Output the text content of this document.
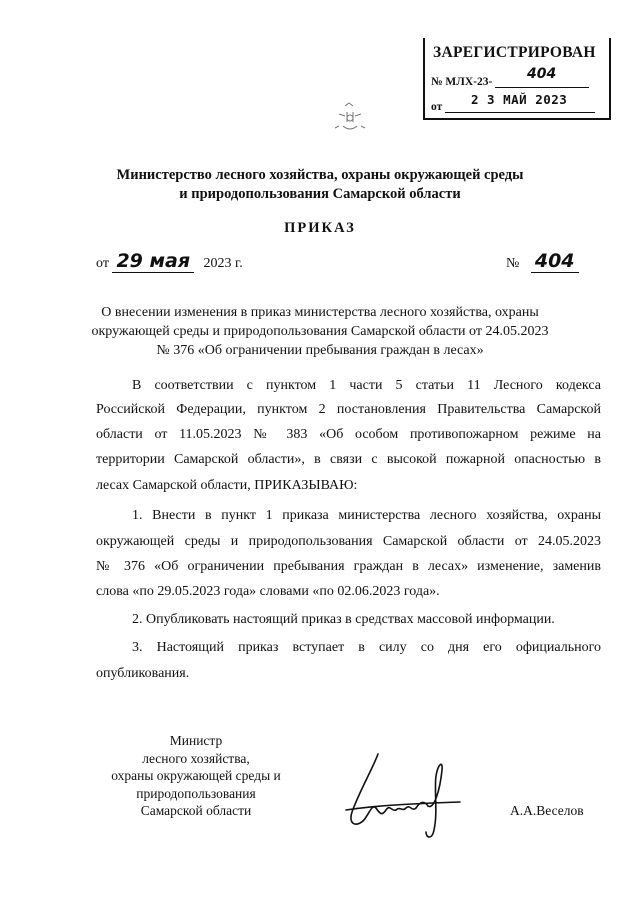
ЗАРЕГИСТРИРОВАН
№ МЛХ-23-	404
от	2 3 МАЙ 2023
Министерство лесного хозяйства, охраны окружающей среды
и природопользования Самарской области
ПРИКАЗ
от 29 мая 2023 г.	№ 404
О внесении изменения в приказ министерства лесного хозяйства, охраны
окружающей среды и природопользования Самарской области от 24.05.2023
№ 376 «Об ограничении пребывания граждан в лесах»
В соответствии с пунктом 1 части 5 статьи 11 Лесного кодекса
Российской Федерации, пунктом 2 постановления Правительства Самарской
области от 11.05.2023 № 383 «Об особом противопожарном режиме на
территории Самарской области», в связи с высокой пожарной опасностью в
лесах Самарской области, ПРИКАЗЫВАЮ:
1. Внести в пункт 1 приказа министерства лесного хозяйства, охраны
окружающей среды и природопользования Самарской области от 24.05.2023
№ 376 «Об ограничении пребывания граждан в лесах» изменение, заменив
слова «по 29.05.2023 года» словами «по 02.06.2023 года».
2. Опубликовать настоящий приказ в средствах массовой информации.
3. Настоящий приказ вступает в силу со дня его официального
опубликования.
Министр
лесного хозяйства,
охраны окружающей среды и
природопользования
Самарской области	А.А.Веселов
